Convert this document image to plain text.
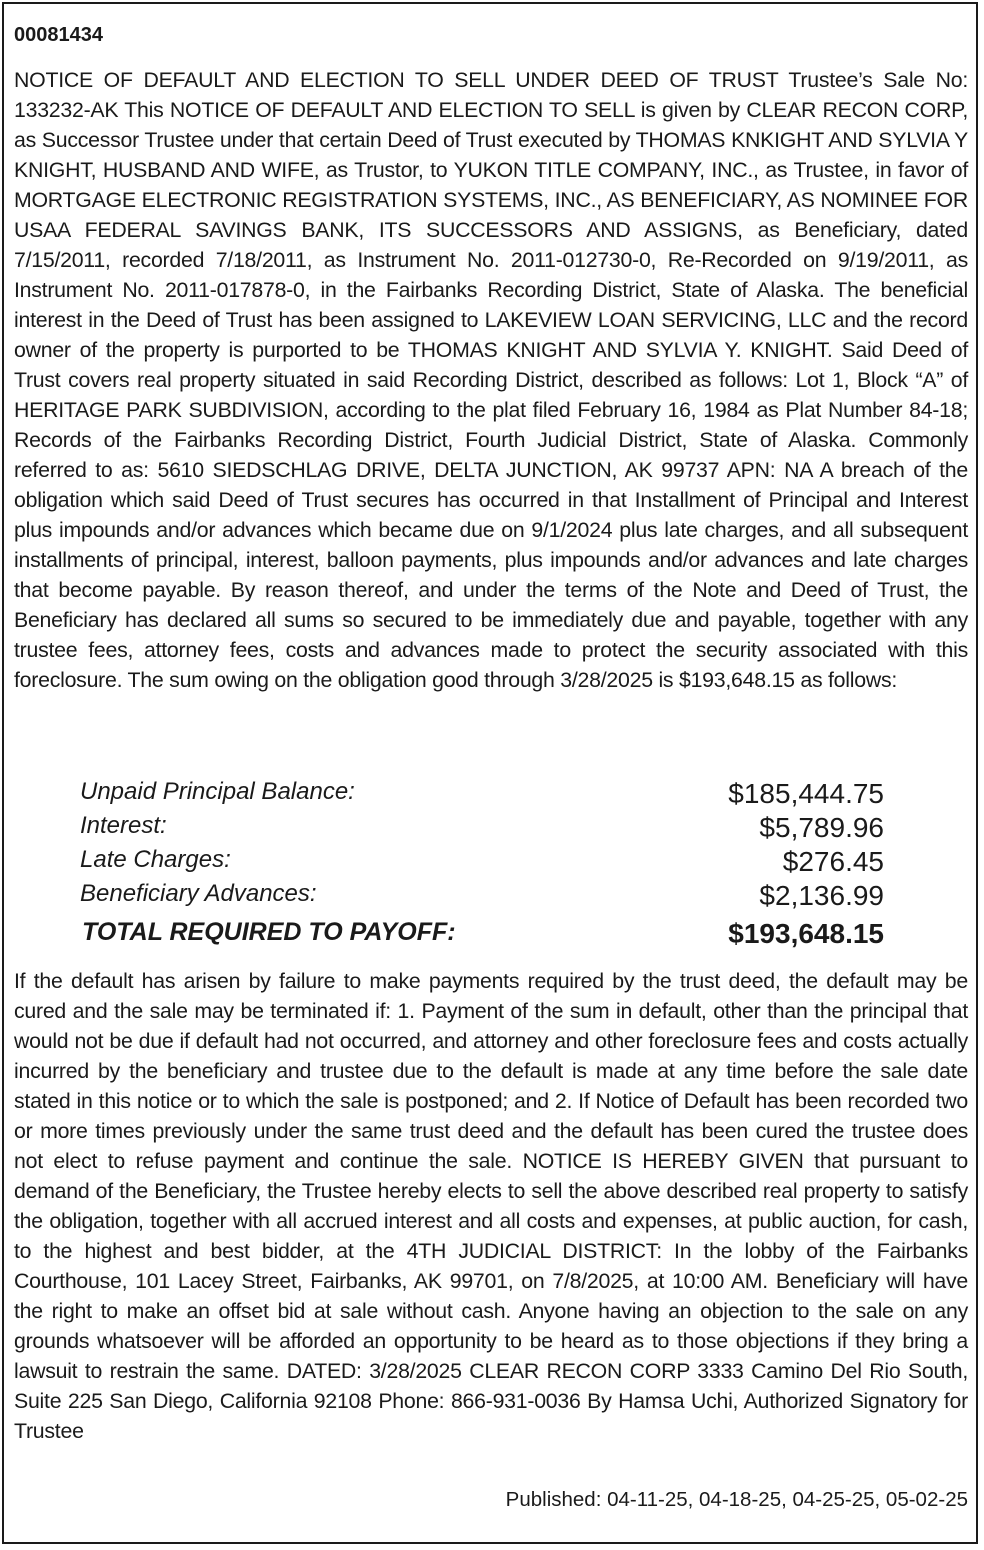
00081434

NOTICE OF DEFAULT AND ELECTION TO SELL UNDER DEED OF TRUST Trustee’s Sale No: 133232-AK This NOTICE OF DEFAULT AND ELECTION TO SELL is given by CLEAR RECON CORP, as Successor Trustee under that certain Deed of Trust executed by THOMAS KNKIGHT AND SYLVIA Y KNIGHT, HUSBAND AND WIFE, as Trustor, to YUKON TITLE COMPANY, INC., as Trustee, in favor of MORTGAGE ELECTRONIC REGISTRATION SYSTEMS, INC., AS BENEFICIARY, AS NOMINEE FOR USAA FEDERAL SAVINGS BANK, ITS SUCCESSORS AND ASSIGNS, as Beneficiary, dated 7/15/2011, recorded 7/18/2011, as Instrument No. 2011-012730-0, Re-Recorded on 9/19/2011, as Instrument No. 2011-017878-0, in the Fairbanks Recording District, State of Alaska. The beneficial interest in the Deed of Trust has been assigned to LAKEVIEW LOAN SERVICING, LLC and the record owner of the property is purported to be THOMAS KNIGHT AND SYLVIA Y. KNIGHT. Said Deed of Trust covers real property situated in said Recording District, described as follows: Lot 1, Block “A” of HERITAGE PARK SUBDIVISION, according to the plat filed February 16, 1984 as Plat Number 84-18; Records of the Fairbanks Recording District, Fourth Judicial District, State of Alaska. Commonly referred to as: 5610 SIEDSCHLAG DRIVE, DELTA JUNCTION, AK 99737 APN: NA A breach of the obligation which said Deed of Trust secures has occurred in that Installment of Principal and Interest plus impounds and/or advances which became due on 9/1/2024 plus late charges, and all subsequent installments of principal, interest, balloon payments, plus impounds and/or advances and late charges that become payable. By reason thereof, and under the terms of the Note and Deed of Trust, the Beneficiary has declared all sums so secured to be immediately due and payable, together with any trustee fees, attorney fees, costs and advances made to protect the security associated with this foreclosure. The sum owing on the obligation good through 3/28/2025 is $193,648.15 as follows:

Unpaid Principal Balance:	$185,444.75
Interest:	$5,789.96
Late Charges:	$276.45
Beneficiary Advances:	$2,136.99
TOTAL REQUIRED TO PAYOFF:	$193,648.15

If the default has arisen by failure to make payments required by the trust deed, the default may be cured and the sale may be terminated if: 1. Payment of the sum in default, other than the principal that would not be due if default had not occurred, and attorney and other foreclosure fees and costs actually incurred by the beneficiary and trustee due to the default is made at any time before the sale date stated in this notice or to which the sale is postponed; and 2. If Notice of Default has been recorded two or more times previously under the same trust deed and the default has been cured the trustee does not elect to refuse payment and continue the sale. NOTICE IS HEREBY GIVEN that pursuant to demand of the Beneficiary, the Trustee hereby elects to sell the above described real property to satisfy the obligation, together with all accrued interest and all costs and expenses, at public auction, for cash, to the highest and best bidder, at the 4TH JUDICIAL DISTRICT: In the lobby of the Fairbanks Courthouse, 101 Lacey Street, Fairbanks, AK 99701, on 7/8/2025, at 10:00 AM. Beneficiary will have the right to make an offset bid at sale without cash. Anyone having an objection to the sale on any grounds whatsoever will be afforded an opportunity to be heard as to those objections if they bring a lawsuit to restrain the same. DATED: 3/28/2025 CLEAR RECON CORP 3333 Camino Del Rio South, Suite 225 San Diego, California 92108 Phone: 866-931-0036 By Hamsa Uchi, Authorized Signatory for Trustee

Published: 04-11-25, 04-18-25, 04-25-25, 05-02-25
